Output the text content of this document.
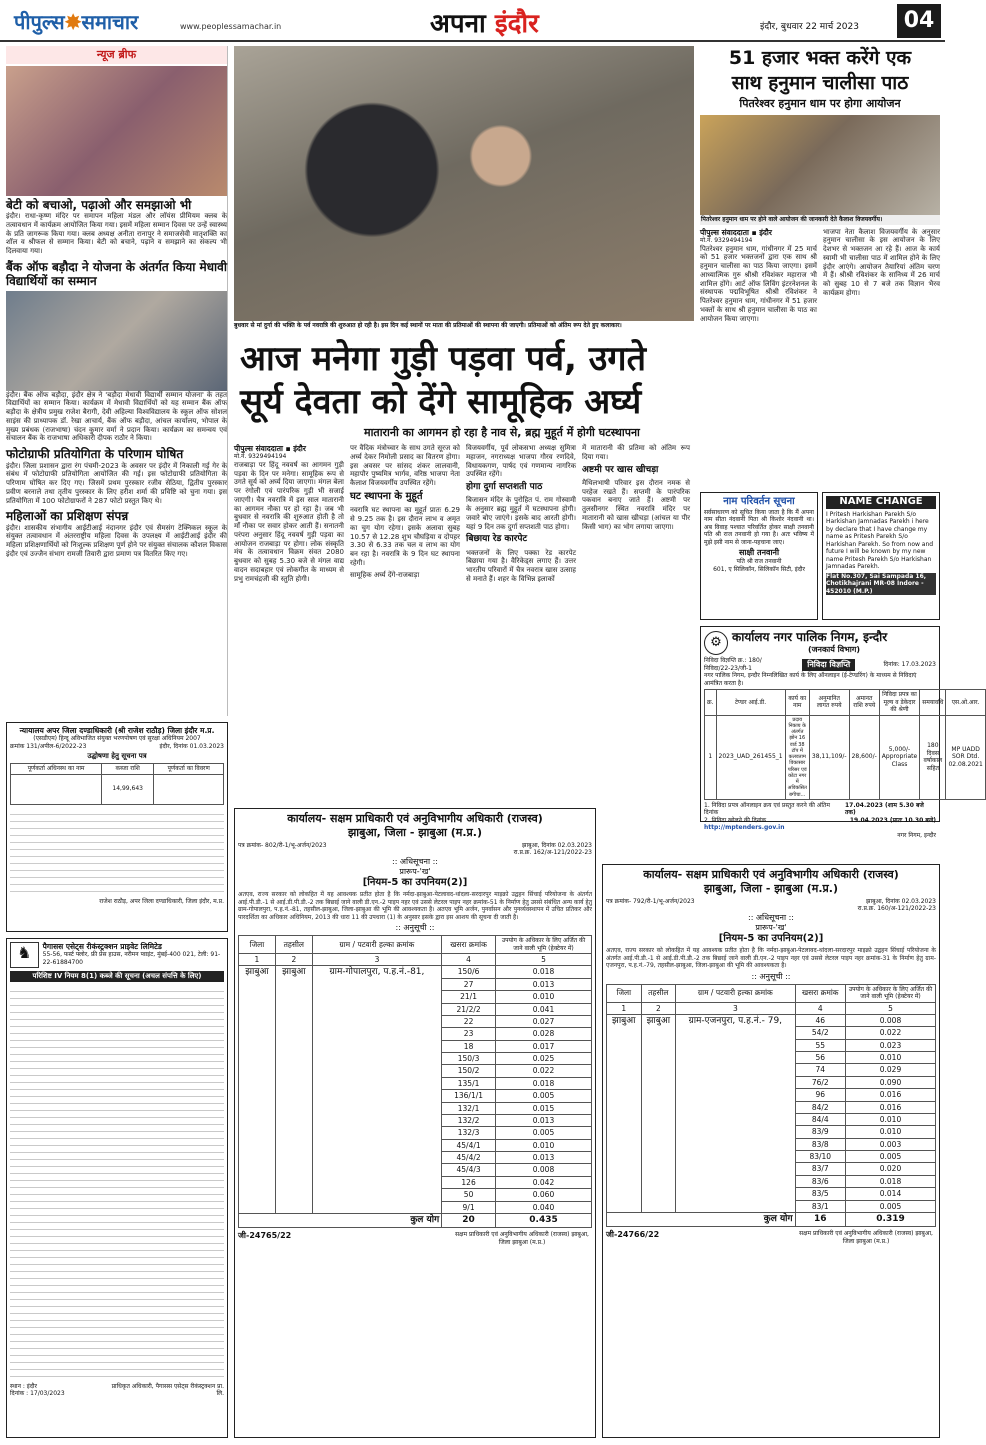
पीपुल्स✸समाचार	www.peoplessamachar.in	अपना इंदौर	इंदौर, बुधवार 22 मार्च 2023	04
न्यूज ब्रीफ
बेटी को बचाओ, पढ़ाओ और समझाओ भी
इंदौर। राधा-कृष्ण मंदिर पर समापन महिला मंडल और लॉयंस प्रीमियम क्लब के तत्वावधान में कार्यक्रम आयोजित किया गया। इसमें महिला सम्मान दिवस पर उन्हें स्वास्थ्य के प्रति जागरूक किया गया। क्लब अध्यक्ष अनीता रानापुर ने समाजसेवी मातृशक्ति का शॉल व श्रीफल से सम्मान किया। बेटी को बचाने, पढ़ाने व समझाने का संकल्प भी दिलवाया गया।
बैंक ऑफ बड़ौदा ने योजना के अंतर्गत किया मेधावी विद्यार्थियों का सम्मान
इंदौर। बैंक ऑफ बड़ौदा, इंदौर क्षेत्र ने 'बड़ौदा मेधावी विद्यार्थी सम्मान योजना' के तहत विद्यार्थियों का सम्मान किया। कार्यक्रम में मेधावी विद्यार्थियों को यह सम्मान बैंक ऑफ बड़ौदा के क्षेत्रीय प्रमुख राजेश बैरागी, देवी अहिल्या विश्वविद्यालय के स्कूल ऑफ सोशल साइंस की प्राध्यापक डॉ. रेखा आचार्य, बैंक ऑफ बड़ौदा, आंचल कार्यालय, भोपाल के मुख्य प्रबंधक (राजभाषा) चंदन कुमार वर्मा ने प्रदान किया। कार्यक्रम का समन्वय एवं संचालन बैंक के राजभाषा अधिकारी दीपक राठौर ने किया।
फोटोग्राफी प्रतियोगिता के परिणाम घोषित
इंदौर। जिला प्रशासन द्वारा रंग पंचमी-2023 के अवसर पर इंदौर में निकाली गई गेर के संबंध में फोटोग्राफी प्रतियोगिता आयोजित की गई। इस फोटोग्राफी प्रतियोगिता के परिणाम घोषित कर दिए गए। जिसमें प्रथम पुरस्कार रजीव सेठिया, द्वितीय पुरस्कार प्रवीण बरनाले तथा तृतीय पुरस्कार के लिए हरीश शर्मा की प्रविष्टि को चुना गया। इस प्रतियोगिता में 100 फोटोग्राफरों ने 287 फोटो प्रस्तुत किए थे।
महिलाओं का प्रशिक्षण संपन्न
इंदौर। शासकीय संभागीय आईटीआई नंदानगर इंदौर एवं सैमसंग टेक्निकल स्कूल के संयुक्त तत्वावधान में अंतरराष्ट्रीय महिला दिवस के उपलक्ष्य में आईटीआई इंदौर की महिला प्रशिक्षणार्थियों को निःशुल्क प्रशिक्षण पूर्ण होने पर संयुक्त संचालक कौशल विकास इंदौर एवं उज्जैन संभाग रामजी तिवारी द्वारा प्रमाण पत्र वितरित किए गए।
न्यायालय अपर जिला दण्डाधिकारी (श्री राजेश राठौड़) जिला इंदौर म.प्र.
(एसडीएम) हिन्दू अविभाजित संयुक्त भरणपोषण एवं सुरक्षा अधिनियम 2007
क्रमांक 131/अपील-6/2022-23	इंदौर, दिनांक 01.03.2023
उद्घोषणा हेतु सूचना पत्र
पूर्णकर्ता अधिनस्थ का नाम	कब्जा राशि	पूर्णकर्ता का विवरण
	14,99,643	
राजेश राठौड़, अपर जिला दण्डाधिकारी, जिला इंदौर, म.प्र.
♞	पैगासस एसेट्स रीकंस्ट्रक्शन प्राइवेट लिमिटेड
55-56, फर्स्ट फ्लोर, फ्री प्रेस हाउस, नरीमन प्वाइंट, मुंबई-400 021, टेली: 91-22-61884700
परिशिष्ट IV नियम 8(1) कब्जे की सूचना (अचल संपत्ति के लिए)
स्थान : इंदौर
दिनांक : 17/03/2023
प्राधिकृत अधिकारी, पैगासस एसेट्स रीकंस्ट्रक्शन प्रा. लि.
बुधवार से मां दुर्गा की भक्ति के पर्व नवरात्रि की शुरुआत हो रही है। इस दिन कई स्थानों पर माता की प्रतिमाओं की स्थापना की जाएगी। प्रतिमाओं को अंतिम रूप देते हुए कलाकार।
आज मनेगा गुड़ी पड़वा पर्व, उगते
सूर्य देवता को देंगे सामूहिक अर्घ्य
मातारानी का आगमन हो रहा है नाव से, ब्रह्म मुहूर्त में होगी घटस्थापना
पीपुल्स संवाददाता ▪ इंदौर
मो.नं. 9329494194
राजबाड़ा पर हिंदू नववर्ष का आगमन गुड़ी पड़वा के दिन पर मनेगा। सामूहिक रूप से उगते सूर्य को अर्घ्य दिया जाएगा। मंगल बेला पर रंगोली एवं पारंपरिक गुड़ी भी सजाई जाएगी। चैत्र नवरात्रि में इस साल मातारानी का आगमन नौका पर हो रहा है। जब भी बुधवार से नवरात्रि की शुरुआत होती है तो माँ नौका पर सवार होकर आती हैं। सनातनी परंपरा अनुसार हिंदू नववर्ष गुड़ी पड़वा का आयोजन राजबाड़ा पर होगा। लोक संस्कृति मंच के तत्वावधान विक्रम संवत 2080 बुधवार को सुबह 5.30 बजे से मंगल वाद्य वादन सदाबहार एवं लोकगीत के माध्यम से प्रभु रामचंद्रजी की स्तुति होगी।
पर वैदिक मंत्रोच्चार के साथ उगते सूरज को अर्घ्य देकर निमोली प्रसाद का वितरण होगा। इस अवसर पर सांसद शंकर लालवानी, महापौर पुष्यमित्र भार्गव, वरिष्ठ भाजपा नेता कैलाश विजयवर्गीय उपस्थित रहेंगे।
घट स्थापना के मुहूर्त
नवरात्रि घट स्थापना का मुहूर्त प्रातः 6.29 से 9.25 तक है। इस दौरान लाभ व अमृत का चुग योग रहेगा। इसके अलावा सुबह 10.57 से 12.28 शुभ चौघड़िया व दोपहर 3.30 से 6.33 तक चल व लाभ का योग बन रहा है। नवरात्रि के 9 दिन घट स्थापना रहेगी।
सामूहिक अर्घ्य देंगे-राजबाड़ा
विजयवर्गीय, पूर्व लोकसभा अध्यक्ष सुमित्रा महाजन, नगराध्यक्ष भाजपा गौरव रणदिवे, विधायकगण, पार्षद एवं गणमान्य नागरिक उपस्थित रहेंगे।
होगा दुर्गा सप्तशती पाठ
बिजासन मंदिर के पुरोहित पं. राम गोस्वामी के अनुसार ब्रह्म मुहूर्त में घटस्थापना होगी। जवारे बोए जाएंगे। इसके बाद आरती होगी। यहां 9 दिन तक दुर्गा सप्तशती पाठ होगा।
बिछाया रेड कारपेट
भक्तजनों के लिए पक्का रेड कारपेट बिछाया गया है। वैरिकेड्स लगाए हैं। उत्तर भारतीय परिवारों में चैत्र नवरात्र खास उत्साह से मनाते हैं। शहर के विभिन्न इलाकों
में मातारानी की प्रतिमा को अंतिम रूप दिया गया।
अष्टमी पर खास खीचड़ा
मैथिलभाषी परिवार इस दौरान नमक से परहेज रखते हैं। सप्तमी के पारंपरिक पकवान बनाए जाते हैं। अष्टमी पर तुलसीनगर स्थित नवरात्रि मंदिर पर मातारानी को खास खीचड़ा (आंचल या पीर किसी भाग) का भोग लगाया जाएगा।
51 हजार भक्त करेंगे एक
साथ हनुमान चालीसा पाठ
पितरेश्वर हनुमान धाम पर होगा आयोजन
पितरेश्वर हनुमान धाम पर होने वाले आयोजन की जानकारी देते कैलाश विजयवर्गीय।
पीपुल्स संवाददाता ▪ इंदौर
मो.नं. 9329494194
पितरेश्वर हनुमान धाम, गांधीनगर में 25 मार्च को 51 हजार भक्तजनों द्वारा एक साथ श्री हनुमान चालीसा का पाठ किया जाएगा। इसमें आध्यात्मिक गुरु श्रीश्री रविशंकर महाराज भी शामिल होंगे। आर्ट ऑफ लिविंग इंटरनेशनल के संस्थापक पद्मविभूषित श्रीश्री रविशंकर ने पितरेश्वर हनुमान धाम, गांधीनगर में 51 हजार भक्तों के साथ श्री हनुमान चालीसा के पाठ का आयोजन किया जाएगा।
भाजपा नेता कैलाश विजयवर्गीय के अनुसार हनुमान चालीसा के इस आयोजन के लिए देशभर से भक्तजन आ रहे हैं। आज के कार्य स्वामी भी चालीसा पाठ में शामिल होने के लिए इंदौर आएंगे। आयोजन तैयारियां अंतिम चरण में हैं। श्रीश्री रविशंकर के सानिध्य में 26 मार्च को सुबह 10 से 7 बजे तक विज्ञान भैरव कार्यक्रम होगा।
नाम परिवर्तन सूचना
सर्वसाधारण को सूचित किया जाता है कि मैं अपना नाम सीता नंदवानी पिता श्री किशोर नंदवानी था। अब विवाह पश्चात परिवर्तित होकर साक्षी तनवानी पति श्री राज तनवानी हो गया है। अतः भविष्य में मुझे इसी नाम से जाना-पहचाना जाए।
साक्षी तनवानी
पति श्री राज तनवानी
601, ए सिलिकॉन, सिलिकॉन सिटी, इंदौर
NAME CHANGE
I Pritesh Harkishan Parekh S/o Harkishan Jamnadas Parekh i here by declare that I have change my name as Pritesh Parekh S/o Harkishan Parekh. So from now and future I will be known by my new name Pritesh Parekh S/o Harkishan Jamnadas Parekh.
Flat No.307, Sai Sampada 16, Chotikhajrani MR-08 Indore - 452010 (M.P.)
⚙ कार्यालय नगर पालिक निगम, इन्दौर
(जनकार्य विभाग)
निविदा विज्ञप्ति क्र.: 180/निविदा/22-23/जी-1	निविदा विज्ञप्ति	दिनांक: 17.03.2023
नगर पालिक निगम, इन्दौर निम्नलिखित कार्य के लिए ऑनलाइन (ई-टेण्डरिंग) के माध्यम से निविदाएं आमंत्रित करता है।
क्र.	टेण्डर आई.डी.	कार्य का नाम	अनुमानित लागत रुपये	अमानत राशि रुपये	निविदा प्रपत्र का मूल्य व डेकेदार की श्रेणी	समयावधि	एस.ओ.आर.
1	2023_UAD_261455_1	प्रदाय निकाय के अंतर्गत झोन 16 वार्ड 38 टॉप में कलवताम विकासार परिसर एवं कोटा नगर में अविकसित बगीचा...	38,11,109/-	28,600/-	5,000/- Appropriate Class	180 दिवस वर्षाकाल सहित	MP UADD SOR Dtd. 02.08.2021
1. निविदा प्रपत्र ऑनलाइन क्रय एवं प्रस्तुत करने की अंतिम दिनांक
17.04.2023 (शाम 5.30 बजे तक)
2. निविदा खोलने की दिनांक	19.04.2023 (प्रातः 10.30 बजे)
http://mptenders.gov.in
नगर निगम, इन्दौर
कार्यालय- सक्षम प्राधिकारी एवं अनुविभागीय अधिकारी (राजस्व)
झाबुआ, जिला - झाबुआ (म.प्र.)
पत्र क्रमांक- 802/री-1/भू-अर्जन/2023	झाबुआ, दिनांक 02.03.2023
रा.प्र.क्र. 162/अ-121/2022-23
:: अधिसूचना ::
प्रारूप-'ख'
[नियम-5 का उपनियम(2)]
अतएव, राज्य सरकार को लोकहित में यह आवश्यक प्रतीत होता है कि नर्मदा-झाबुआ-पेटलावद-थांदला-सरदारपुर माइक्रो उद्वहन सिंचाई परियोजना के अंतर्गत आई.पी.डी.-1 से आई.डी.पी.डी.-2 तक बिछाई जाने वाली डी.एन.-2 पाइप नहर एवं उससे लेटरल पाइप नहर क्रमांक-51 के निर्माण हेतु उससे संबंधित अन्य कार्य हेतु ग्राम-गोपालपुरा, प.ह.नं.-81, तहसील-झाबुआ, जिला-झाबुआ की भूमि की आवश्यकता है। अतएव भूमि अर्जन, पुनर्वासन और पुनर्व्यवस्थापन में उचित प्रतिकर और पारदर्शिता का अधिकार अधिनियम, 2013 की धारा 11 की उपधारा (1) के अनुसार इसके द्वारा इस आशय की सूचना दी जाती है।
:: अनुसूची ::
जिला	तहसील	ग्राम / पटवारी हल्का क्रमांक	खसरा क्रमांक	उपयोग के अधिकार के लिए अर्जित की जाने वाली भूमि (हेक्टेयर में)
1	2	3	4	5
झाबुआ	झाबुआ	ग्राम-गोपालपुरा, प.ह.नं.-81,	150/6	0.018
			27	0.013
			21/1	0.010
			21/2/2	0.041
			22	0.027
			23	0.028
			18	0.017
			150/3	0.025
			150/2	0.022
			135/1	0.018
			136/1/1	0.005
			132/1	0.015
			132/2	0.013
			132/3	0.005
			45/4/1	0.010
			45/4/2	0.013
			45/4/3	0.008
			126	0.042
			50	0.060
			9/1	0.040
कुल योग			20	0.435
जी-24765/22	सक्षम प्राधिकारी एवं अनुविभागीय अधिकारी (राजस्व) झाबुआ, जिला झाबुआ (म.प्र.)
कार्यालय- सक्षम प्राधिकारी एवं अनुविभागीय अधिकारी (राजस्व)
झाबुआ, जिला - झाबुआ (म.प्र.)
पत्र क्रमांक- 792/री-1/भू-अर्जन/2023	झाबुआ, दिनांक 02.03.2023
रा.प्र.क्र. 160/अ-121/2022-23
:: अधिसूचना ::
प्रारूप-'ख'
[नियम-5 का उपनियम(2)]
अतएव, राज्य सरकार को लोकहित में यह आवश्यक प्रतीत होता है कि नर्मदा-झाबुआ-पेटलावद-थांदला-सरदारपुर माइक्रो उद्वहन सिंचाई परियोजना के अंतर्गत आई.पी.डी.-1 से आई.डी.पी.डी.-2 तक बिछाई जाने वाली डी.एन.-2 पाइप नहर एवं उससे लेटरल पाइप नहर क्रमांक-31 के निर्माण हेतु ग्राम-एजनपुरा, प.ह.नं.-79, तहसील-झाबुआ, जिला-झाबुआ की भूमि की आवश्यकता है।
:: अनुसूची ::
जिला	तहसील	ग्राम / पटवारी हल्का क्रमांक	खसरा क्रमांक	उपयोग के अधिकार के लिए अर्जित की जाने वाली भूमि (हेक्टेयर में)
1	2	3	4	5
झाबुआ	झाबुआ	ग्राम-एजनपुरा, प.ह.नं.- 79,	46	0.008
			54/2	0.022
			55	0.023
			56	0.010
			74	0.029
			76/2	0.090
			96	0.016
			84/2	0.016
			84/4	0.010
			83/9	0.010
			83/8	0.003
			83/10	0.005
			83/7	0.020
			83/6	0.018
			83/5	0.014
			83/1	0.005
कुल योग			16	0.319
जी-24766/22	सक्षम प्राधिकारी एवं अनुविभागीय अधिकारी (राजस्व) झाबुआ, जिला झाबुआ (म.प्र.)
